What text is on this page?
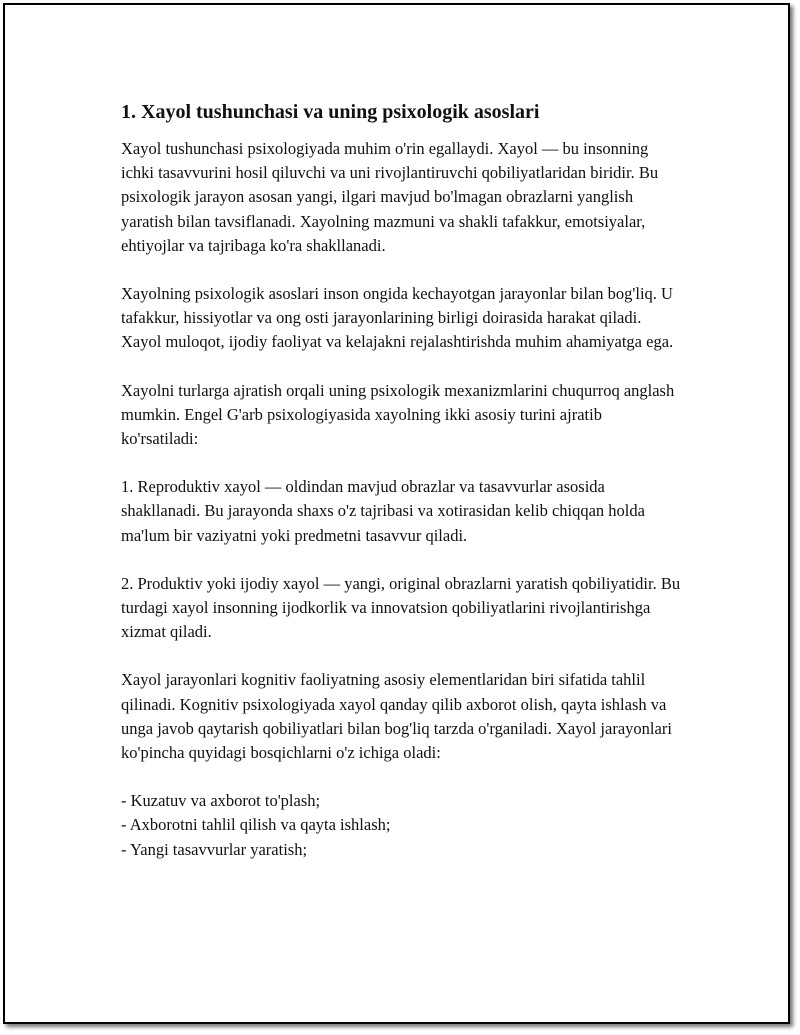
1. Xayol tushunchasi va uning psixologik asoslari

Xayol tushunchasi psixologiyada muhim o'rin egallaydi. Xayol — bu insonning ichki tasavvurini hosil qiluvchi va uni rivojlantiruvchi qobiliyatlaridan biridir. Bu psixologik jarayon asosan yangi, ilgari mavjud bo'lmagan obrazlarni yanglish yaratish bilan tavsiflanadi. Xayolning mazmuni va shakli tafakkur, emotsiyalar, ehtiyojlar va tajribaga ko'ra shakllanadi.

Xayolning psixologik asoslari inson ongida kechayotgan jarayonlar bilan bog'liq. U tafakkur, hissiyotlar va ong osti jarayonlarining birligi doirasida harakat qiladi. Xayol muloqot, ijodiy faoliyat va kelajakni rejalashtirishda muhim ahamiyatga ega.

Xayolni turlarga ajratish orqali uning psixologik mexanizmlarini chuqurroq anglash mumkin. Engel G'arb psixologiyasida xayolning ikki asosiy turini ajratib ko'rsatiladi:

1. Reproduktiv xayol — oldindan mavjud obrazlar va tasavvurlar asosida shakllanadi. Bu jarayonda shaxs o'z tajribasi va xotirasidan kelib chiqqan holda ma'lum bir vaziyatni yoki predmetni tasavvur qiladi.

2. Produktiv yoki ijodiy xayol — yangi, original obrazlarni yaratish qobiliyatidir. Bu turdagi xayol insonning ijodkorlik va innovatsion qobiliyatlarini rivojlantirishga xizmat qiladi.

Xayol jarayonlari kognitiv faoliyatning asosiy elementlaridan biri sifatida tahlil qilinadi. Kognitiv psixologiyada xayol qanday qilib axborot olish, qayta ishlash va unga javob qaytarish qobiliyatlari bilan bog'liq tarzda o'rganiladi. Xayol jarayonlari ko'pincha quyidagi bosqichlarni o'z ichiga oladi:

- Kuzatuv va axborot to'plash;
- Axborotni tahlil qilish va qayta ishlash;
- Yangi tasavvurlar yaratish;
